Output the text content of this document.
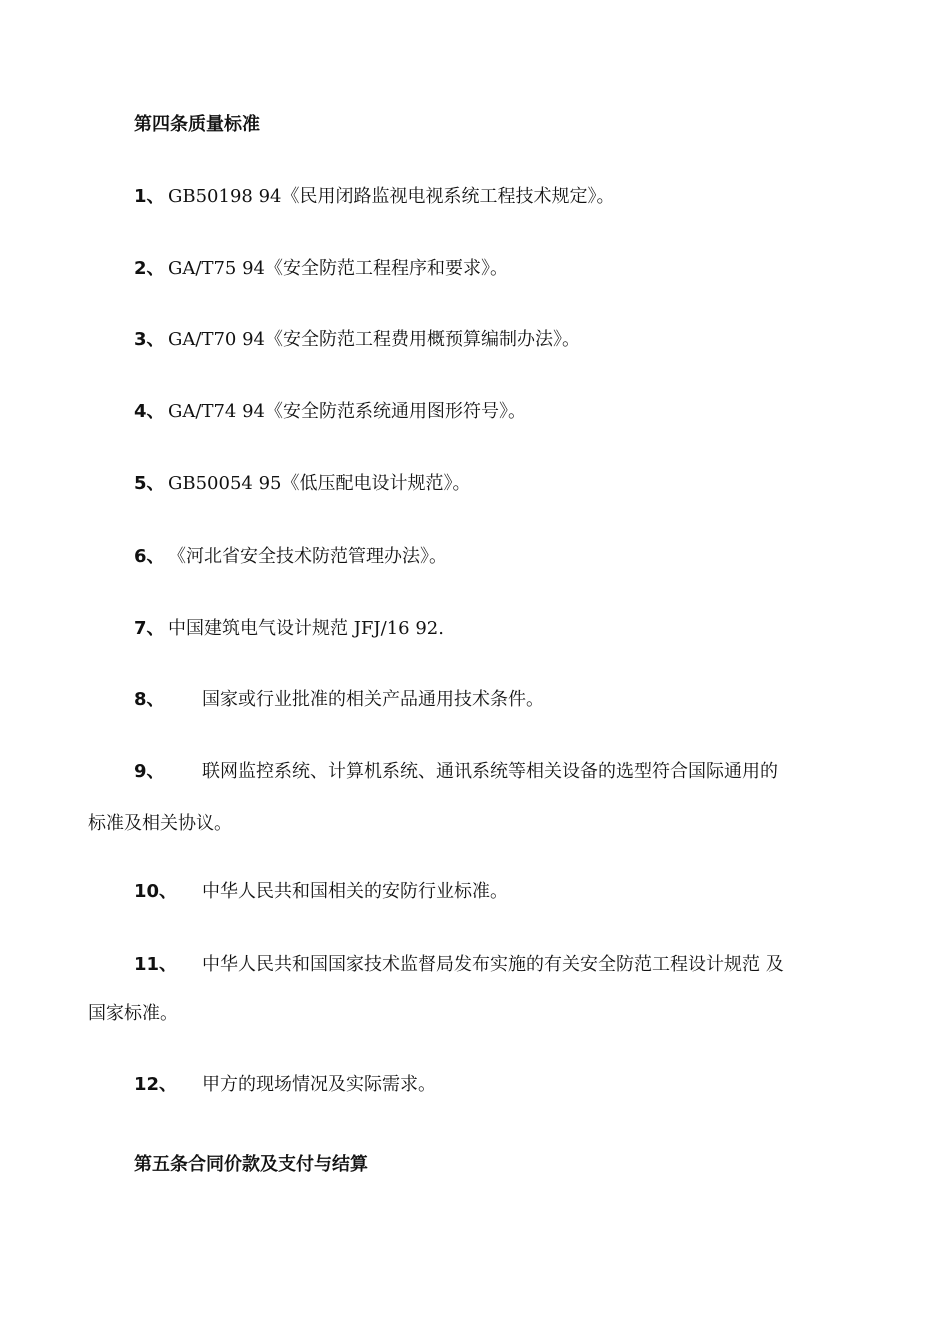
第四条质量标准
1、 GB50198 94《民用闭路监视电视系统工程技术规定》。
2、 GA/T75 94《安全防范工程程序和要求》。
3、 GA/T70 94《安全防范工程费用概预算编制办法》。
4、 GA/T74 94《安全防范系统通用图形符号》。
5、 GB50054 95《低压配电设计规范》。
6、 《河北省安全技术防范管理办法》。
7、 中国建筑电气设计规范 JFJ/16 92.
8、 国家或行业批准的相关产品通用技术条件。
9、 联网监控系统、计算机系统、通讯系统等相关设备的选型符合国际通用的
标准及相关协议。
10、 中华人民共和国相关的安防行业标准。
11、 中华人民共和国国家技术监督局发布实施的有关安全防范工程设计规范 及
国家标准。
12、 甲方的现场情况及实际需求。
第五条合同价款及支付与结算
